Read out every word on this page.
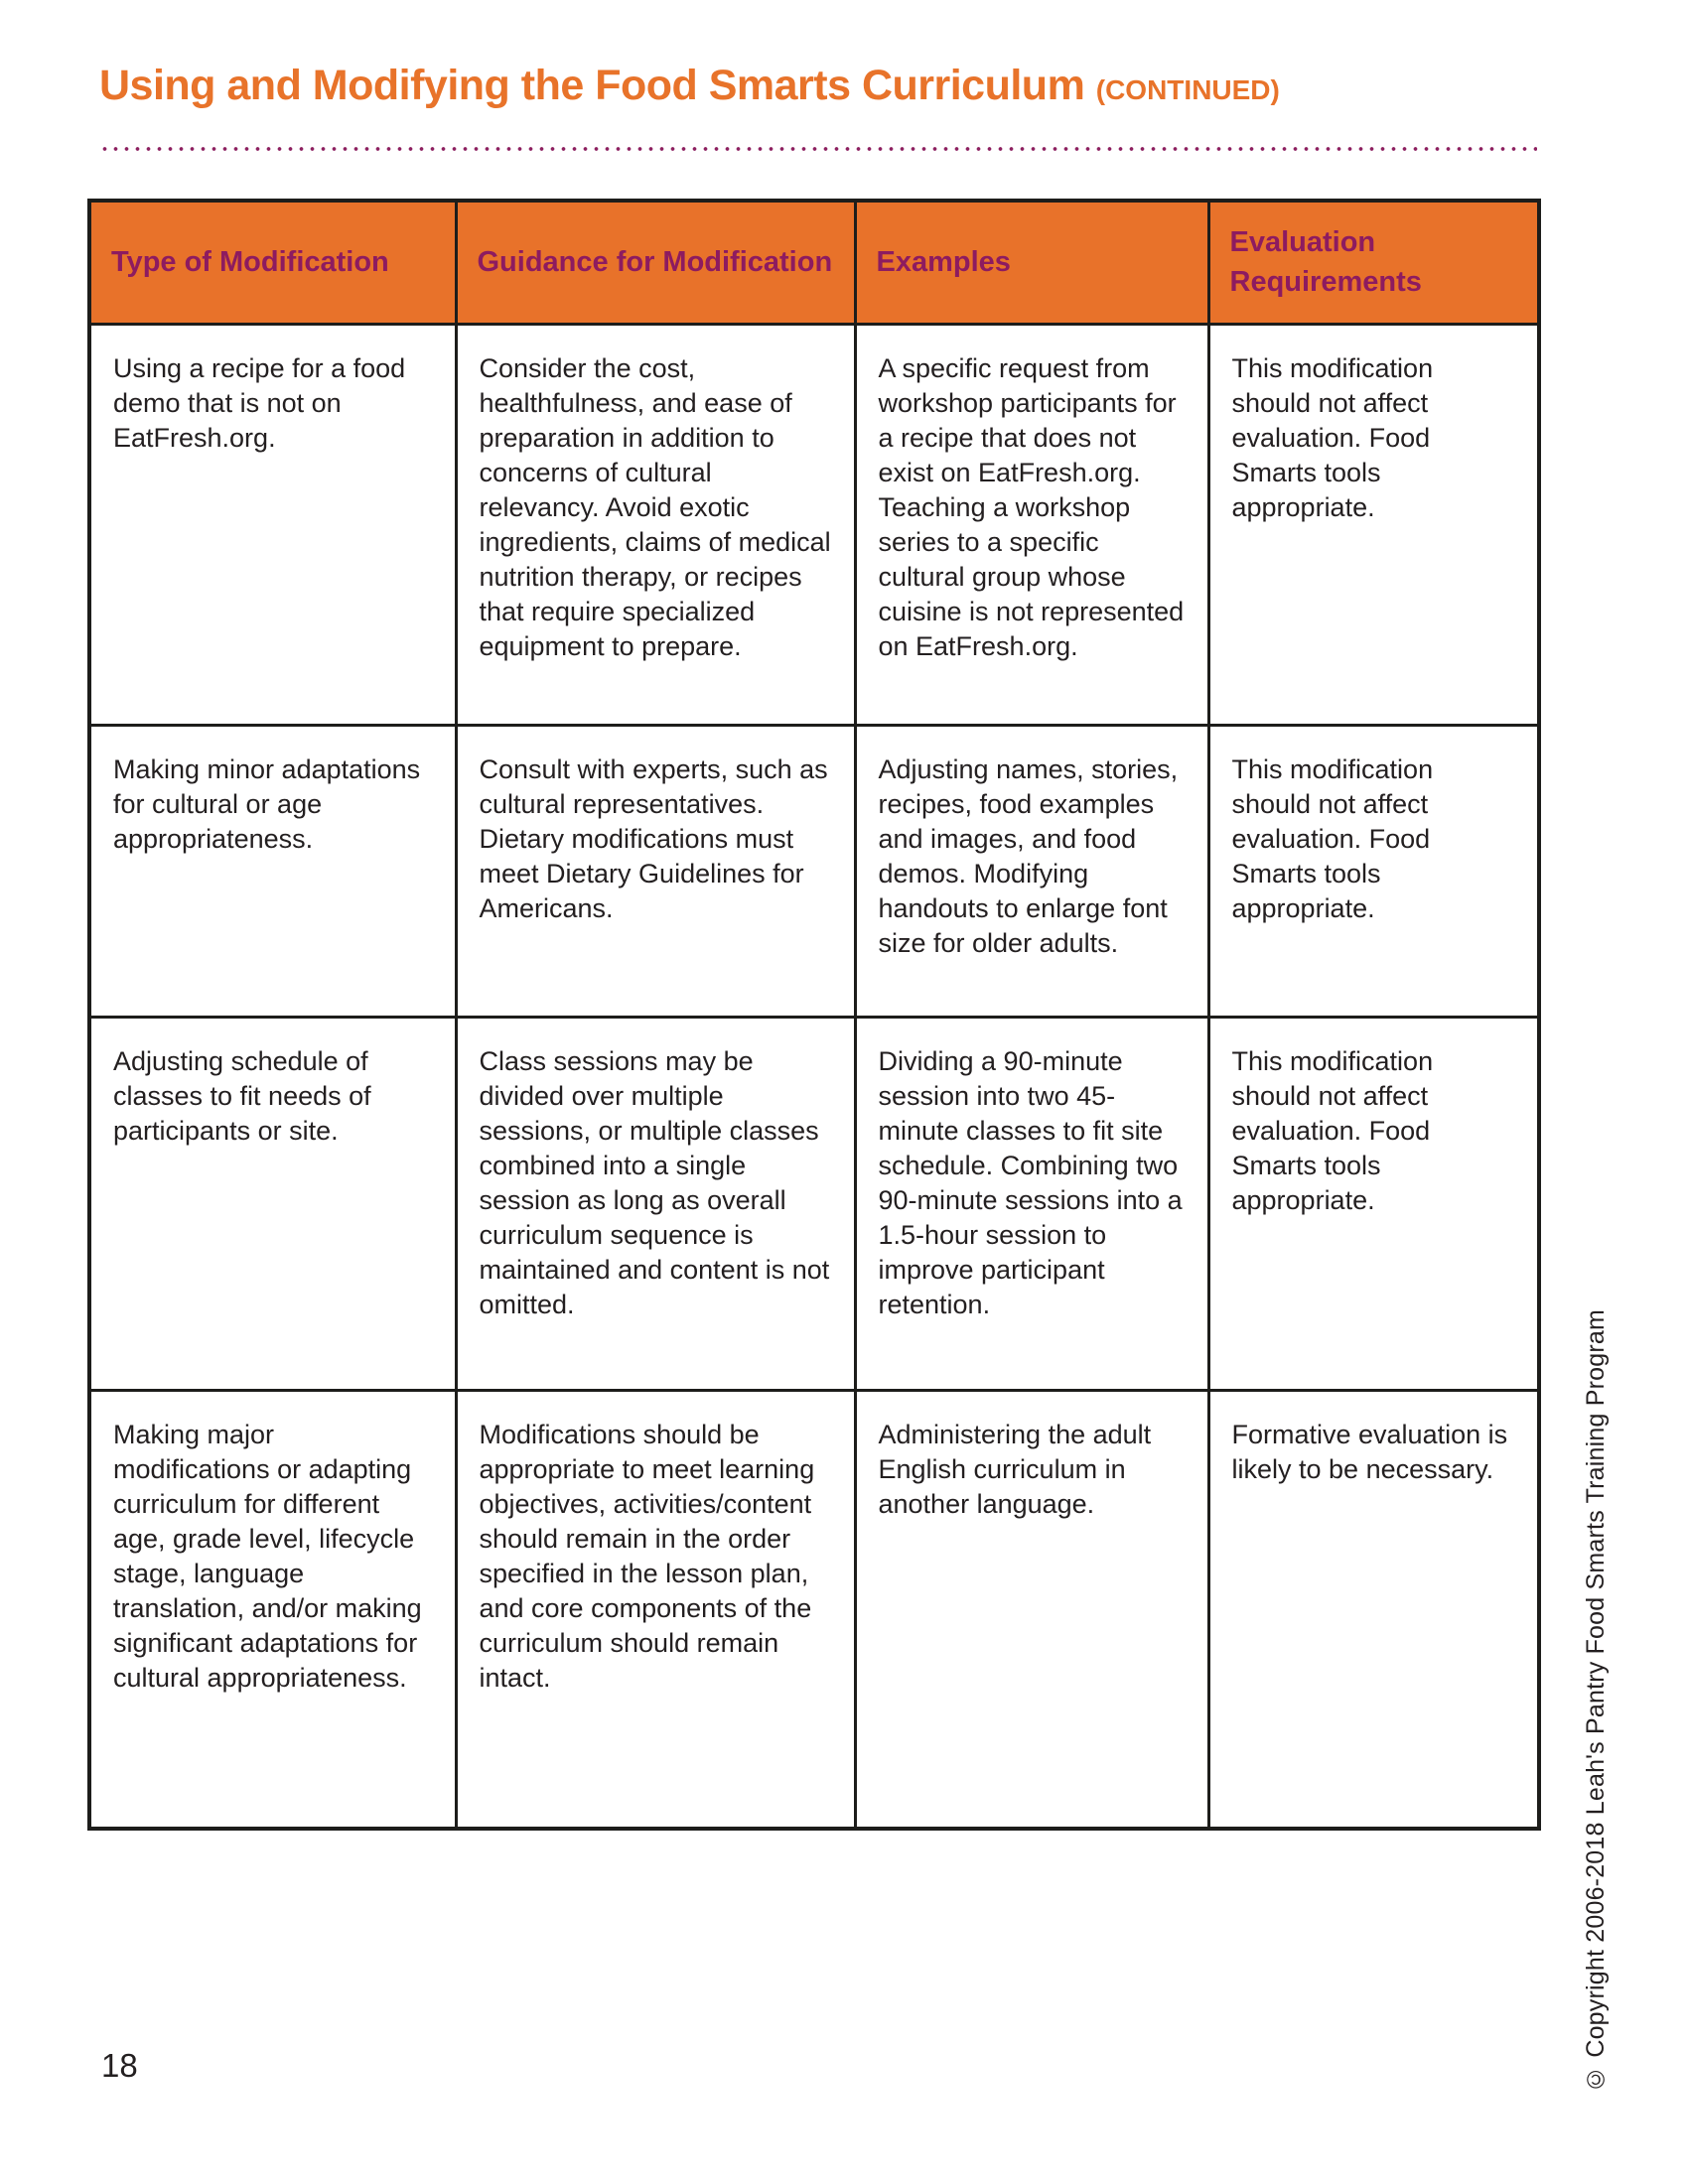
Using and Modifying the Food Smarts Curriculum (CONTINUED)
Type of Modification	Guidance for Modification	Examples	Evaluation Requirements
Using a recipe for a food demo that is not on EatFresh.org.	Consider the cost, healthfulness, and ease of preparation in addition to concerns of cultural relevancy. Avoid exotic ingredients, claims of medical nutrition therapy, or recipes that require specialized equipment to prepare.	A specific request from workshop participants for a recipe that does not exist on EatFresh.org. Teaching a workshop series to a specific cultural group whose cuisine is not represented on EatFresh.org.	This modification should not affect evaluation. Food Smarts tools appropriate.
Making minor adaptations for cultural or age appropriateness.	Consult with experts, such as cultural representatives. Dietary modifications must meet Dietary Guidelines for Americans.	Adjusting names, stories, recipes, food examples and images, and food demos. Modifying handouts to enlarge font size for older adults.	This modification should not affect evaluation. Food Smarts tools appropriate.
Adjusting schedule of classes to fit needs of participants or site.	Class sessions may be divided over multiple sessions, or multiple classes combined into a single session as long as overall curriculum sequence is maintained and content is not omitted.	Dividing a 90-minute session into two 45-minute classes to fit site schedule. Combining two 90-minute sessions into a 1.5-hour session to improve participant retention.	This modification should not affect evaluation. Food Smarts tools appropriate.
Making major modifications or adapting curriculum for different age, grade level, lifecycle stage, language translation, and/or making significant adaptations for cultural appropriateness.	Modifications should be appropriate to meet learning objectives, activities/content should remain in the order specified in the lesson plan, and core components of the curriculum should remain intact.	Administering the adult English curriculum in another language.	Formative evaluation is likely to be necessary.
18	© Copyright 2006-2018 Leah's Pantry Food Smarts Training Program
